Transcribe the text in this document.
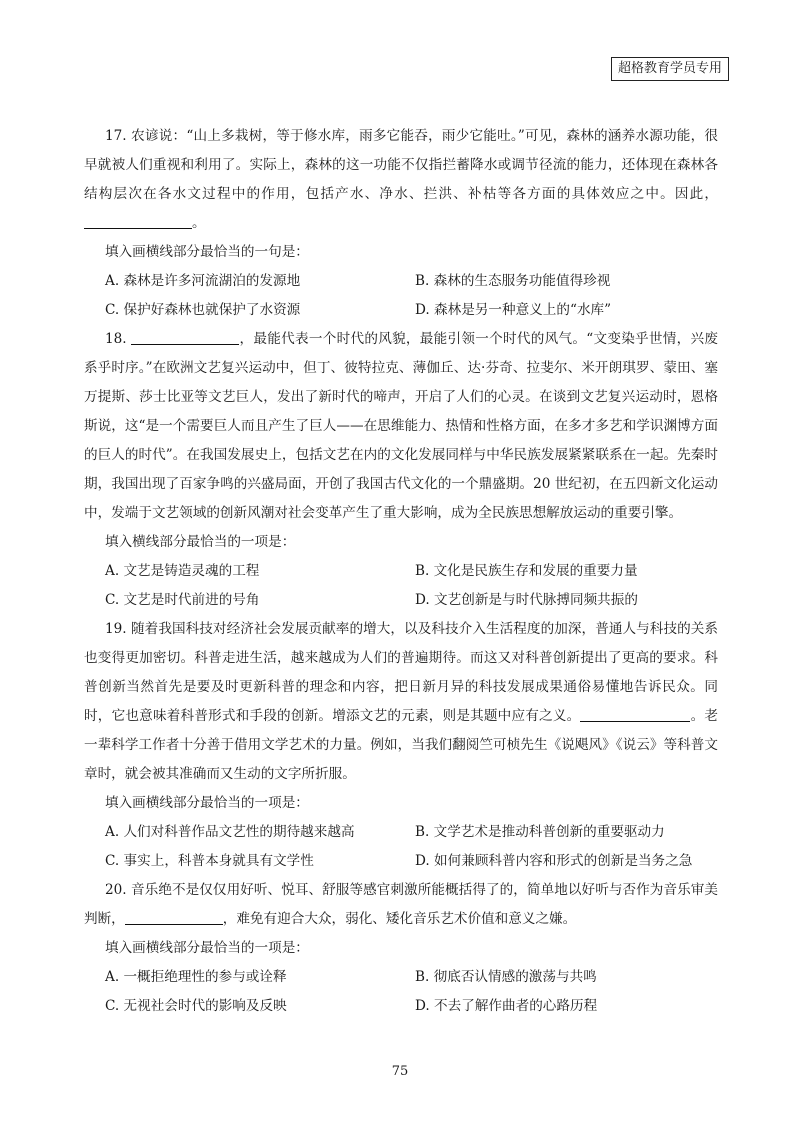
超格教育学员专用

17. 农谚说：“山上多栽树，等于修水库，雨多它能吞，雨少它能吐。”可见，森林的涵养水源功能，很早就被人们重视和利用了。实际上，森林的这一功能不仅指拦蓄降水或调节径流的能力，还体现在森林各结构层次在各水文过程中的作用，包括产水、净水、拦洪、补枯等各方面的具体效应之中。因此，。

填入画横线部分最恰当的一句是：

A. 森林是许多河流湖泊的发源地	B. 森林的生态服务功能值得珍视
C. 保护好森林也就保护了水资源	D. 森林是另一种意义上的“水库”

18.	，最能代表一个时代的风貌，最能引领一个时代的风气。“文变染乎世情，兴废系乎时序。”在欧洲文艺复兴运动中，但丁、彼特拉克、薄伽丘、达·芬奇、拉斐尔、米开朗琪罗、蒙田、塞万提斯、莎士比亚等文艺巨人，发出了新时代的啼声，开启了人们的心灵。在谈到文艺复兴运动时，恩格斯说，这“是一个需要巨人而且产生了巨人——在思维能力、热情和性格方面，在多才多艺和学识渊博方面的巨人的时代”。在我国发展史上，包括文艺在内的文化发展同样与中华民族发展紧紧联系在一起。先秦时期，我国出现了百家争鸣的兴盛局面，开创了我国古代文化的一个鼎盛期。20 世纪初，在五四新文化运动中，发端于文艺领域的创新风潮对社会变革产生了重大影响，成为全民族思想解放运动的重要引擎。

填入横线部分最恰当的一项是：

A. 文艺是铸造灵魂的工程	B. 文化是民族生存和发展的重要力量
C. 文艺是时代前进的号角	D. 文艺创新是与时代脉搏同频共振的

19. 随着我国科技对经济社会发展贡献率的增大，以及科技介入生活程度的加深，普通人与科技的关系也变得更加密切。科普走进生活，越来越成为人们的普遍期待。而这又对科普创新提出了更高的要求。科普创新当然首先是要及时更新科普的理念和内容，把日新月异的科技发展成果通俗易懂地告诉民众。同时，它也意味着科普形式和手段的创新。增添文艺的元素，则是其题中应有之义。	。老一辈科学工作者十分善于借用文学艺术的力量。例如，当我们翻阅竺可桢先生《说飓风》《说云》等科普文章时，就会被其准确而又生动的文字所折服。

填入画横线部分最恰当的一项是：

A. 人们对科普作品文艺性的期待越来越高	B. 文学艺术是推动科普创新的重要驱动力
C. 事实上，科普本身就具有文学性	D. 如何兼顾科普内容和形式的创新是当务之急

20. 音乐绝不是仅仅用好听、悦耳、舒服等感官刺激所能概括得了的，简单地以好听与否作为音乐审美判断，	，难免有迎合大众，弱化、矮化音乐艺术价值和意义之嫌。

填入画横线部分最恰当的一项是：

A. 一概拒绝理性的参与或诠释	B. 彻底否认情感的激荡与共鸣
C. 无视社会时代的影响及反映	D. 不去了解作曲者的心路历程
75
